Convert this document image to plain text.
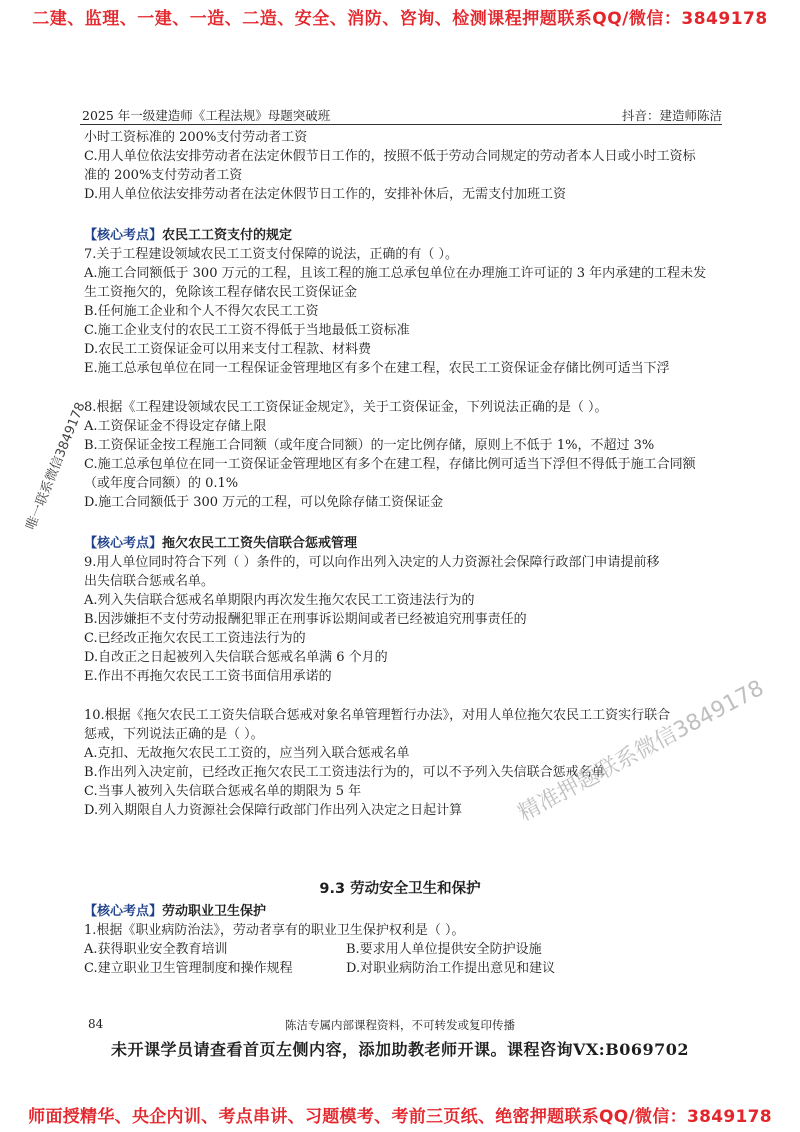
二建、监理、一建、一造、二造、安全、消防、咨询、检测课程押题联系QQ/微信：3849178
2025 年一级建造师《工程法规》母题突破班	抖音：建造师陈洁
小时工资标准的 200%支付劳动者工资
C.用人单位依法安排劳动者在法定休假节日工作的，按照不低于劳动合同规定的劳动者本人日或小时工资标
准的 200%支付劳动者工资
D.用人单位依法安排劳动者在法定休假节日工作的，安排补休后，无需支付加班工资
【核心考点】农民工工资支付的规定
7.关于工程建设领域农民工工资支付保障的说法，正确的有（ ）。
A.施工合同额低于 300 万元的工程，且该工程的施工总承包单位在办理施工许可证的 3 年内承建的工程未发
生工资拖欠的，免除该工程存储农民工资保证金
B.任何施工企业和个人不得欠农民工工资
C.施工企业支付的农民工工资不得低于当地最低工资标准
D.农民工工资保证金可以用来支付工程款、材料费
E.施工总承包单位在同一工程保证金管理地区有多个在建工程，农民工工资保证金存储比例可适当下浮
8.根据《工程建设领域农民工工资保证金规定》，关于工资保证金，下列说法正确的是（ ）。
A.工资保证金不得设定存储上限
B.工资保证金按工程施工合同额（或年度合同额）的一定比例存储，原则上不低于 1%，不超过 3%
C.施工总承包单位在同一工资保证金管理地区有多个在建工程，存储比例可适当下浮但不得低于施工合同额
（或年度合同额）的 0.1%
D.施工合同额低于 300 万元的工程，可以免除存储工资保证金
【核心考点】拖欠农民工工资失信联合惩戒管理
9.用人单位同时符合下列（ ）条件的，可以向作出列入决定的人力资源社会保障行政部门申请提前移
出失信联合惩戒名单。
A.列入失信联合惩戒名单期限内再次发生拖欠农民工工资违法行为的
B.因涉嫌拒不支付劳动报酬犯罪正在刑事诉讼期间或者已经被追究刑事责任的
C.已经改正拖欠农民工工资违法行为的
D.自改正之日起被列入失信联合惩戒名单满 6 个月的
E.作出不再拖欠农民工工资书面信用承诺的
10.根据《拖欠农民工工资失信联合惩戒对象名单管理暂行办法》，对用人单位拖欠农民工工资实行联合
惩戒，下列说法正确的是（ ）。
A.克扣、无故拖欠农民工工资的，应当列入联合惩戒名单
B.作出列入决定前，已经改正拖欠农民工工资违法行为的，可以不予列入失信联合惩戒名单
C.当事人被列入失信联合惩戒名单的期限为 5 年
D.列入期限自人力资源社会保障行政部门作出列入决定之日起计算
9.3 劳动安全卫生和保护
【核心考点】劳动职业卫生保护
1.根据《职业病防治法》，劳动者享有的职业卫生保护权利是（ ）。
A.获得职业安全教育培训	B.要求用人单位提供安全防护设施
C.建立职业卫生管理制度和操作规程	D.对职业病防治工作提出意见和建议
84	陈洁专属内部课程资料，不可转发或复印传播
未开课学员请查看首页左侧内容，添加助教老师开课。课程咨询VX:B069702
师面授精华、央企内训、考点串讲、习题模考、考前三页纸、绝密押题联系QQ/微信：3849178
唯一联系微信3849178
精准押题联系微信3849178
